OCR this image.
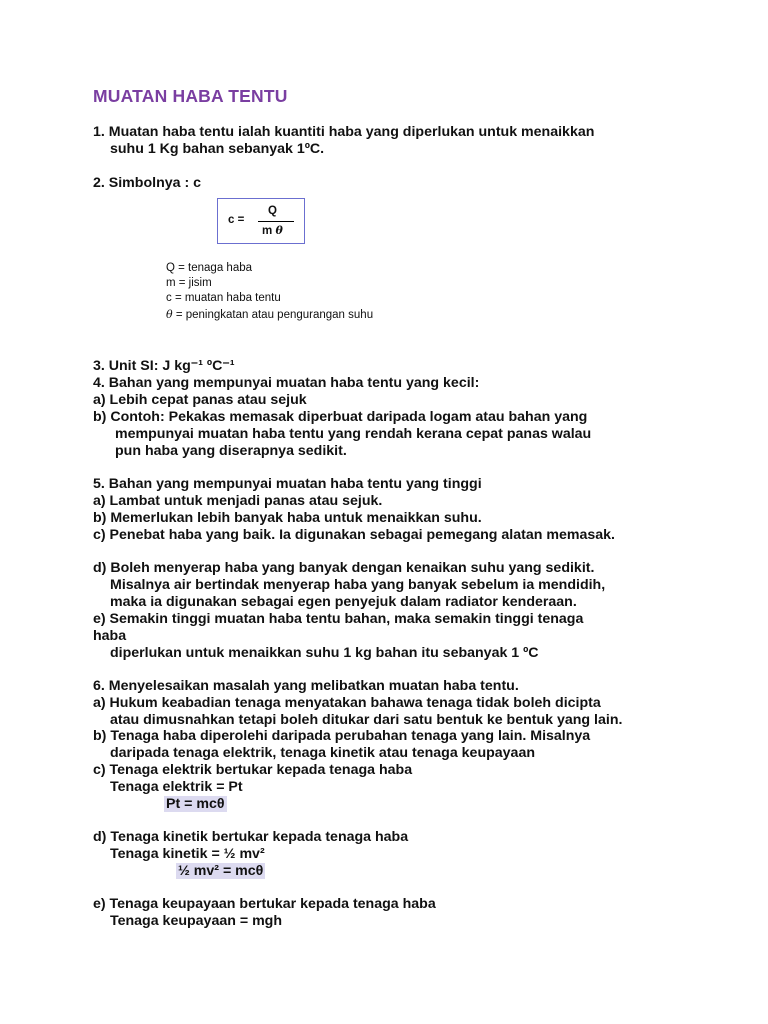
MUATAN HABA TENTU
1. Muatan haba tentu ialah kuantiti haba yang diperlukan untuk menaikkan
suhu 1 Kg bahan sebanyak 1ºC.
2. Simbolnya : c
c =
Q
m θ
Q = tenaga haba
m = jisim
c = muatan haba tentu
θ = peningkatan atau pengurangan suhu
3. Unit SI: J kg⁻¹ ºC⁻¹
4. Bahan yang mempunyai muatan haba tentu yang kecil:
a) Lebih cepat panas atau sejuk
b) Contoh: Pekakas memasak diperbuat daripada logam atau bahan yang
mempunyai muatan haba tentu yang rendah kerana cepat panas walau
pun haba yang diserapnya sedikit.
5. Bahan yang mempunyai muatan haba tentu yang tinggi
a) Lambat untuk menjadi panas atau sejuk.
b) Memerlukan lebih banyak haba untuk menaikkan suhu.
c) Penebat haba yang baik. Ia digunakan sebagai pemegang alatan memasak.
d) Boleh menyerap haba yang banyak dengan kenaikan suhu yang sedikit.
Misalnya air bertindak menyerap haba yang banyak sebelum ia mendidih,
maka ia digunakan sebagai egen penyejuk dalam radiator kenderaan.
e) Semakin tinggi muatan haba tentu bahan, maka semakin tinggi tenaga
haba
diperlukan untuk menaikkan suhu 1 kg bahan itu sebanyak 1 ºC
6. Menyelesaikan masalah yang melibatkan muatan haba tentu.
a) Hukum keabadian tenaga menyatakan bahawa tenaga tidak boleh dicipta
atau dimusnahkan tetapi boleh ditukar dari satu bentuk ke bentuk yang lain.
b) Tenaga haba diperolehi daripada perubahan tenaga yang lain. Misalnya
daripada tenaga elektrik, tenaga kinetik atau tenaga keupayaan
c) Tenaga elektrik bertukar kepada tenaga haba
Tenaga elektrik = Pt
Pt = mcθ
d) Tenaga kinetik bertukar kepada tenaga haba
Tenaga kinetik = ½ mv²
½ mv² = mcθ
e) Tenaga keupayaan bertukar kepada tenaga haba
Tenaga keupayaan = mgh
